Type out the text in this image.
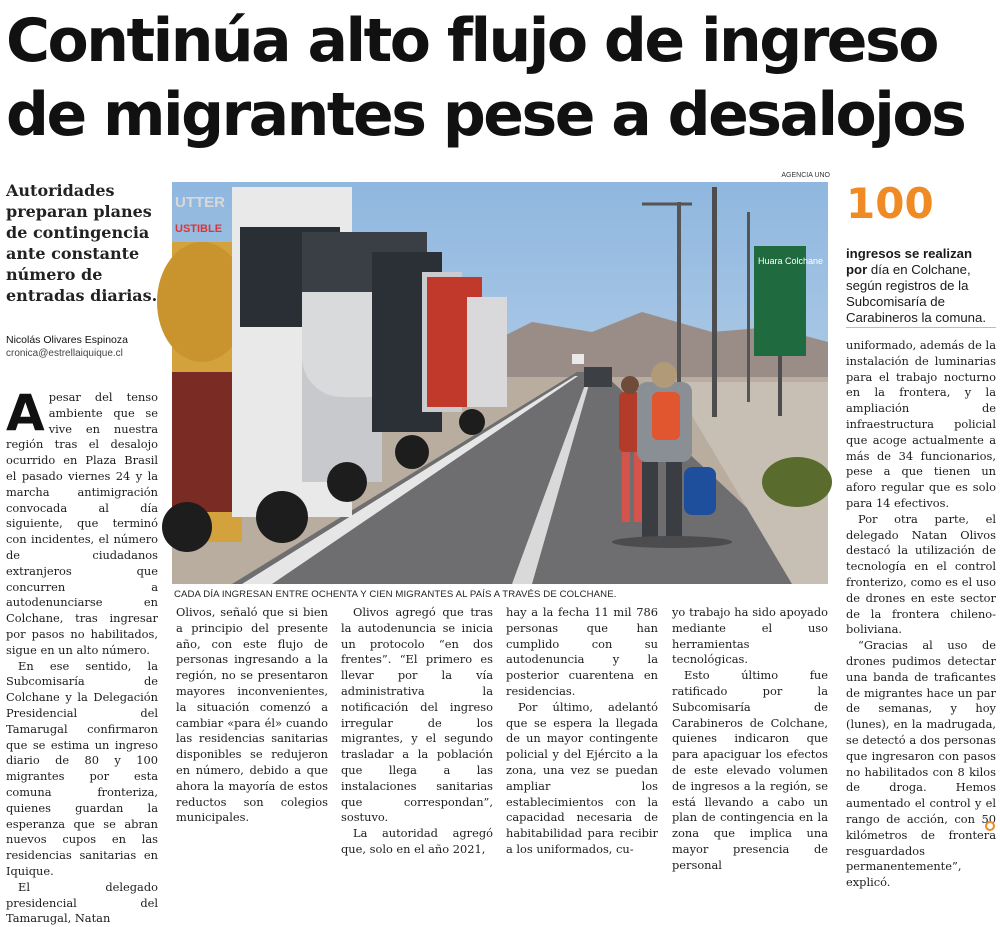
Continúa alto flujo de ingreso
de migrantes pese a desalojos
Autoridades preparan planes de contingencia ante constante número de entradas diarias.
Nicolás Olivares Espinoza
cronica@estrellaiquique.cl

Apesar del tenso ambiente que se vive en nuestra región tras el desalojo ocurrido en Plaza Brasil el pasado viernes 24 y la marcha antimigración convocada al día siguiente, que terminó con incidentes, el número de ciudadanos extranjeros que concurren a autodenunciarse en Colchane, tras ingresar por pasos no habilitados, sigue en un alto número.

En ese sentido, la Subcomisaría de Colchane y la Delegación Presidencial del Tamarugal confirmaron que se estima un ingreso diario de 80 y 100 migrantes por esta comuna fronteriza, quienes guardan la esperanza que se abran nuevos cupos en las residencias sanitarias en Iquique.

El delegado presidencial del Tamarugal, Natan

AGENCIA UNO
Huara Colchane
UTTER
USTIBLE
CADA DÍA INGRESAN ENTRE OCHENTA Y CIEN MIGRANTES AL PAÍS A TRAVÉS DE COLCHANE.

Olivos, señaló que si bien a principio del presente año, con este flujo de personas ingresando a la región, no se presentaron mayores inconvenientes, la situación comenzó a cambiar «para él» cuando las residencias sanitarias disponibles se redujeron en número, debido a que ahora la mayoría de estos reductos son colegios municipales.

Olivos agregó que tras la autodenuncia se inicia un protocolo “en dos frentes”. “El primero es llevar por la vía administrativa la notificación del ingreso irregular de los migrantes, y el segundo trasladar a la población que llega a las instalaciones sanitarias que correspondan”, sostuvo.

La autoridad agregó que, solo en el año 2021,

hay a la fecha 11 mil 786 personas que han cumplido con su autodenuncia y la posterior cuarentena en residencias.

Por último, adelantó que se espera la llegada de un mayor contingente policial y del Ejército a la zona, una vez se puedan ampliar los establecimientos con la capacidad necesaria de habitabilidad para recibir a los uniformados, cu-

yo trabajo ha sido apoyado mediante el uso herramientas tecnológicas.

Esto último fue ratificado por la Subcomisaría de Carabineros de Colchane, quienes indicaron que para apaciguar los efectos de este elevado volumen de ingresos a la región, se está llevando a cabo un plan de contingencia en la zona que implica una mayor presencia de personal

100
ingresos se realizan por día en Colchane, según registros de la Subcomisaría de Carabineros la comuna.

uniformado, además de la instalación de luminarias para el trabajo nocturno en la frontera, y la ampliación de infraestructura policial que acoge actualmente a más de 34 funcionarios, pese a que tienen un aforo regular que es solo para 14 efectivos.

Por otra parte, el delegado Natan Olivos destacó la utilización de tecnología en el control fronterizo, como es el uso de drones en este sector de la frontera chileno-boliviana.

“Gracias al uso de drones pudimos detectar una banda de traficantes de migrantes hace un par de semanas, y hoy (lunes), en la madrugada, se detectó a dos personas que ingresaron con pasos no habilitados con 8 kilos de droga. Hemos aumentado el control y el rango de acción, con 50 kilómetros de frontera resguardados permanentemente”, explicó.
